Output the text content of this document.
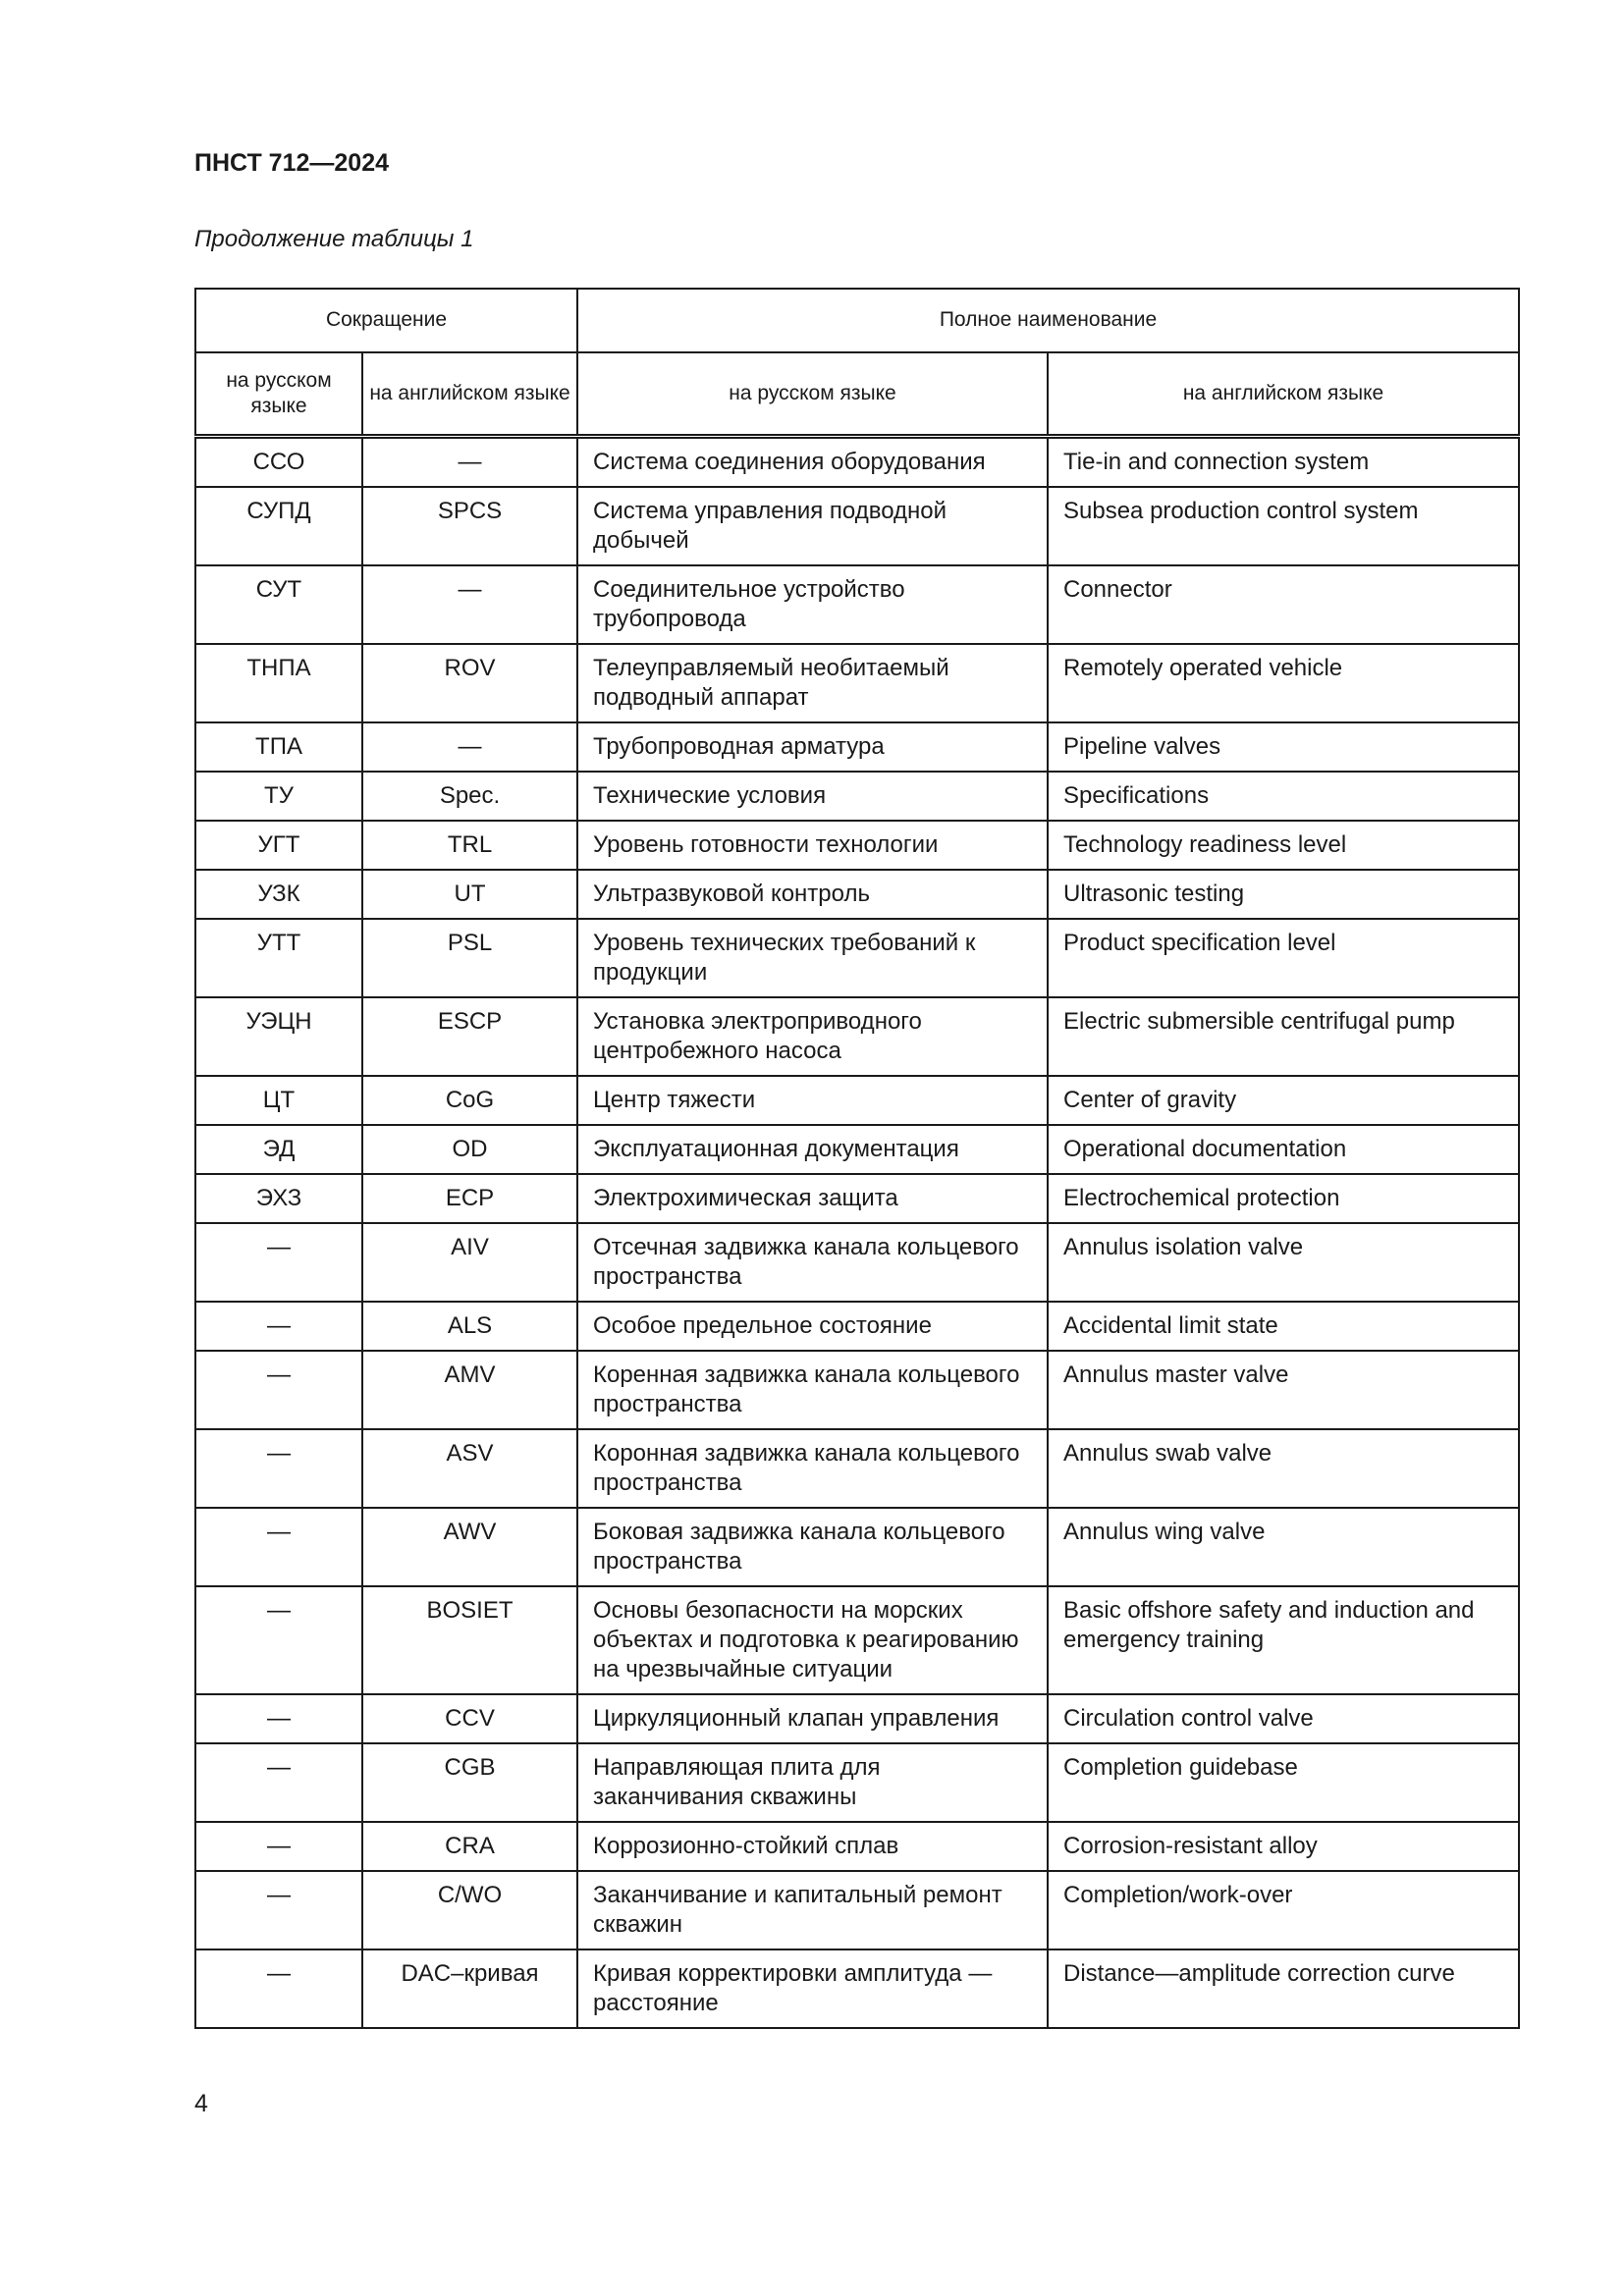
ПНСТ 712—2024
Продолжение таблицы 1
Сокращение		Полное наименование	
на русском языке	на английском языке	на русском языке	на английском языке
ССО	—	Система соединения оборудования	Tie-in and connection system
СУПД	SPCS	Система управления подводной добычей	Subsea production control system
СУТ	—	Соединительное устройство трубопровода	Connector
ТНПА	ROV	Телеуправляемый необитаемый подводный аппарат	Remotely operated vehicle
ТПА	—	Трубопроводная арматура	Pipeline valves
ТУ	Spec.	Технические условия	Specifications
УГТ	TRL	Уровень готовности технологии	Technology readiness level
УЗК	UT	Ультразвуковой контроль	Ultrasonic testing
УТТ	PSL	Уровень технических требований к продукции	Product specification level
УЭЦН	ESCP	Установка электроприводного центробежного насоса	Electric submersible centrifugal pump
ЦТ	CoG	Центр тяжести	Center of gravity
ЭД	OD	Эксплуатационная документация	Operational documentation
ЭХЗ	ECP	Электрохимическая защита	Electrochemical protection
—	AIV	Отсечная задвижка канала кольцевого пространства	Annulus isolation valve
—	ALS	Особое предельное состояние	Accidental limit state
—	AMV	Коренная задвижка канала кольцевого пространства	Annulus master valve
—	ASV	Коронная задвижка канала кольцевого пространства	Annulus swab valve
—	AWV	Боковая задвижка канала кольцевого пространства	Annulus wing valve
—	BOSIET	Основы безопасности на морских объектах и подготовка к реагированию на чрезвычайные ситуации	Basic offshore safety and induction and emergency training
—	CCV	Циркуляционный клапан управления	Circulation control valve
—	CGB	Направляющая плита для заканчивания скважины	Completion guidebase
—	CRA	Коррозионно-стойкий сплав	Corrosion-resistant alloy
—	C/WO	Заканчивание и капитальный ремонт скважин	Completion/work-over
—	DAC–кривая	Кривая корректировки амплитуда — расстояние	Distance—amplitude correction curve
4
